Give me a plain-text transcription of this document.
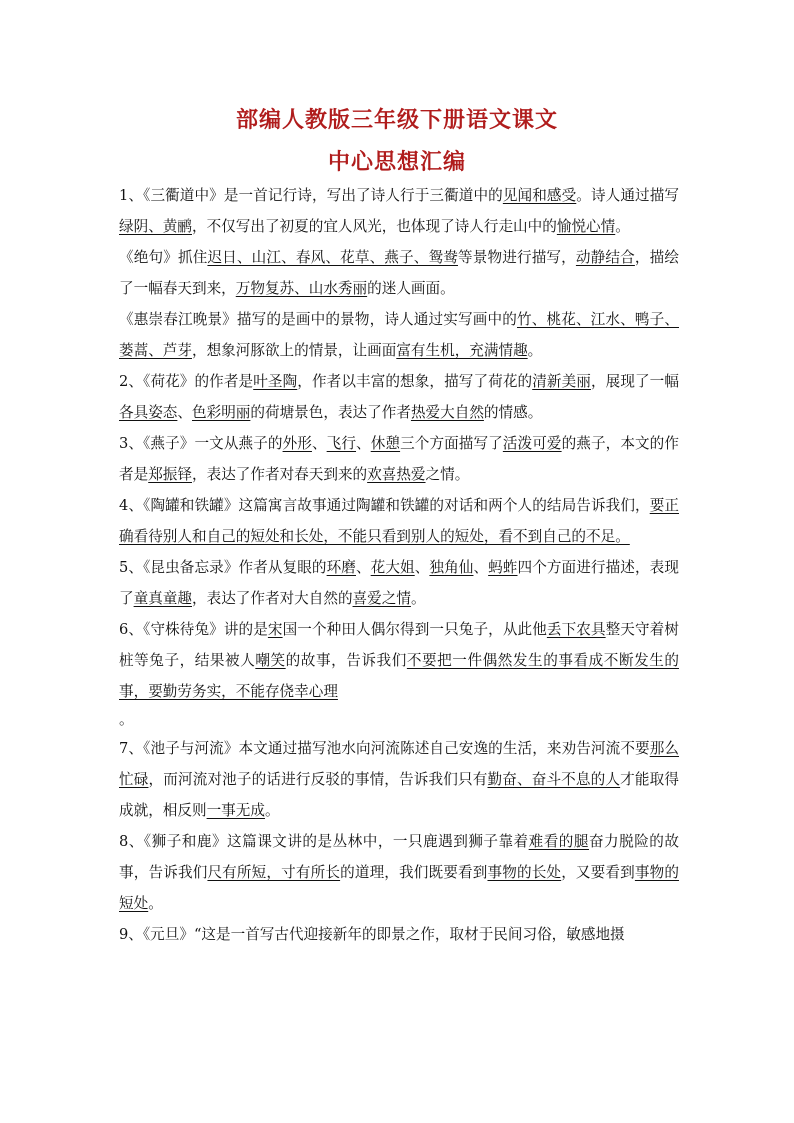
部编人教版三年级下册语文课文
中心思想汇编

1、《三衢道中》是一首记行诗，写出了诗人行于三衢道中的见闻和感受。诗人通过描写绿阴、黄鹂，不仅写出了初夏的宜人风光，也体现了诗人行走山中的愉悦心情。

《绝句》抓住迟日、山江、春风、花草、燕子、鸳鸯等景物进行描写，动静结合，描绘了一幅春天到来，万物复苏、山水秀丽的迷人画面。

《惠崇春江晚景》描写的是画中的景物，诗人通过实写画中的竹、桃花、江水、鸭子、蒌蒿、芦芽，想象河豚欲上的情景，让画面富有生机，充满情趣。

2、《荷花》的作者是叶圣陶，作者以丰富的想象，描写了荷花的清新美丽，展现了一幅各具姿态、色彩明丽的荷塘景色，表达了作者热爱大自然的情感。

3、《燕子》一文从燕子的外形、飞行、休憩三个方面描写了活泼可爱的燕子，本文的作者是郑振铎，表达了作者对春天到来的欢喜热爱之情。

4、《陶罐和铁罐》这篇寓言故事通过陶罐和铁罐的对话和两个人的结局告诉我们，要正确看待别人和自己的短处和长处，不能只看到别人的短处，看不到自己的不足。

5、《昆虫备忘录》作者从复眼的环磨、花大姐、独角仙、蚂蚱四个方面进行描述，表现了童真童趣，表达了作者对大自然的喜爱之情。

6、《守株待兔》讲的是宋国一个种田人偶尔得到一只兔子，从此他丢下农具整天守着树桩等兔子，结果被人嘲笑的故事，告诉我们不要把一件偶然发生的事看成不断发生的事，要勤劳务实，不能存侥幸心理
。

7、《池子与河流》本文通过描写池水向河流陈述自己安逸的生活，来劝告河流不要那么忙碌，而河流对池子的话进行反驳的事情，告诉我们只有勤奋、奋斗不息的人才能取得成就，相反则一事无成。

8、《狮子和鹿》这篇课文讲的是丛林中，一只鹿遇到狮子靠着难看的腿奋力脱险的故事，告诉我们尺有所短，寸有所长的道理，我们既要看到事物的长处，又要看到事物的短处。

9、《元旦》“这是一首写古代迎接新年的即景之作，取材于民间习俗，敏感地摄
